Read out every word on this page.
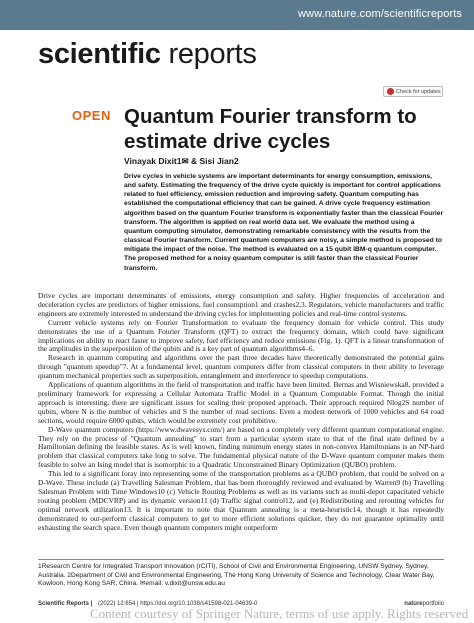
www.nature.com/scientificreports
scientific reports
Check for updates
OPEN Quantum Fourier transform to estimate drive cycles
Vinayak Dixit1✉ & Sisi Jian2
Drive cycles in vehicle systems are important determinants for energy consumption, emissions, and safety. Estimating the frequency of the drive cycle quickly is important for control applications related to fuel efficiency, emission reduction and improving safety. Quantum computing has established the computational efficiency that can be gained. A drive cycle frequency estimation algorithm based on the quantum Fourier transform is exponentially faster than the classical Fourier transform. The algorithm is applied on real world data set. We evaluate the method using a quantum computing simulator, demonstrating remarkable consistency with the results from the classical Fourier transform. Current quantum computers are noisy, a simple method is proposed to mitigate the impact of the noise. The method is evaluated on a 15 qubit IBM-q quantum computer. The proposed method for a noisy quantum computer is still faster than the classical Fourier transform.

Drive cycles are important determinants of emissions, energy consumption and safety. Higher frequencies of acceleration and deceleration cycles are predictors of higher emissions, fuel consumption1 and crashes2,3. Regulators, vehicle manufacturers and traffic engineers are extremely interested to understand the driving cycles for implementing policies and real-time control systems.

Current vehicle systems rely on Fourier Transformation to evaluate the frequency domain for vehicle control. This study demonstrates the use of a Quantum Fourier Transform (QFT) to extract the frequency domain, which could have significant implications on ability to react faster to improve safety, fuel efficiency and reduce emissions (Fig. 1). QFT is a linear transformation of the amplitudes in the superposition of the qubits and is a key part of quantum algorithms4–6.

Research in quantum computing and algorithms over the past three decades have theoretically demonstrated the potential gains through "quantum speedup"7. At a fundamental level, quantum computers differ from classical computers in their ability to leverage quantum mechanical properties such as superposition, entanglement and interference to speedup computations.

Applications of quantum algorithms in the field of transportation and traffic have been limited. Bernas and Wisniewska8, provided a preliminary framework for expressing a Cellular Automata Traffic Model in a Quantum Computable Format. Though the initial approach is interesting, there are significant issues for scaling their proposed approach. Their approach required Nlog2S number of qubits, where N is the number of vehicles and S the number of road sections. Even a modest network of 1000 vehicles and 64 road sections, would require 6000 qubits, which would be extremely cost prohibitive.

D-Wave quantum computers (https://www.dwavesys.com/) are based on a completely very different quantum computational engine. They rely on the process of "Quantum annealing" to start from a particular system state to that of the final state defined by a Hamiltonian defining the feasible states. As is well known, finding minimum energy states in non-convex Hamiltonians is an NP-hard problem that classical computers take long to solve. The fundamental physical nature of the D-Wave quantum computer makes them feasible to solve an Ising model that is isomorphic to a Quadratic Unconstrained Binary Optimization (QUBO) problem.

This led to a significant foray into representing some of the transportation problems as a QUBO problem, that could be solved on a D-Wave. These include (a) Travelling Salesman Problem, that has been thoroughly reviewed and evaluated by Warren9 (b) Travelling Salesman Problem with Time Windows10 (c) Vehicle Routing Problems as well as its variants such as multi-depot capacitated vehicle routing problem (MDCVRP) and its dynamic version11 (d) Traffic signal control12, and (e) Redistributing and rerouting vehicles for optimal network utilization13. It is important to note that Quantum annealing is a meta-heuristic14, though it has repeatedly demonstrated to out-perform classical computers to get to more efficient solutions quicker, they do not guarantee optimality until exhausting the search space. Even though quantum computers might outperform

1Research Centre for Integrated Transport Innovation (rCITI), School of Civil and Environmental Engineering, UNSW Sydney, Sydney, Australia. 2Department of Civil and Environmental Engineering, The Hong Kong University of Science and Technology, Clear Water Bay, Kowloon, Hong Kong SAR, China. ✉email: v.dixit@unsw.edu.au
Scientific Reports | (2022) 12:654 | https://doi.org/10.1038/s41598-021-04639-0	natureportfolio
Content courtesy of Springer Nature, terms of use apply. Rights reserved
